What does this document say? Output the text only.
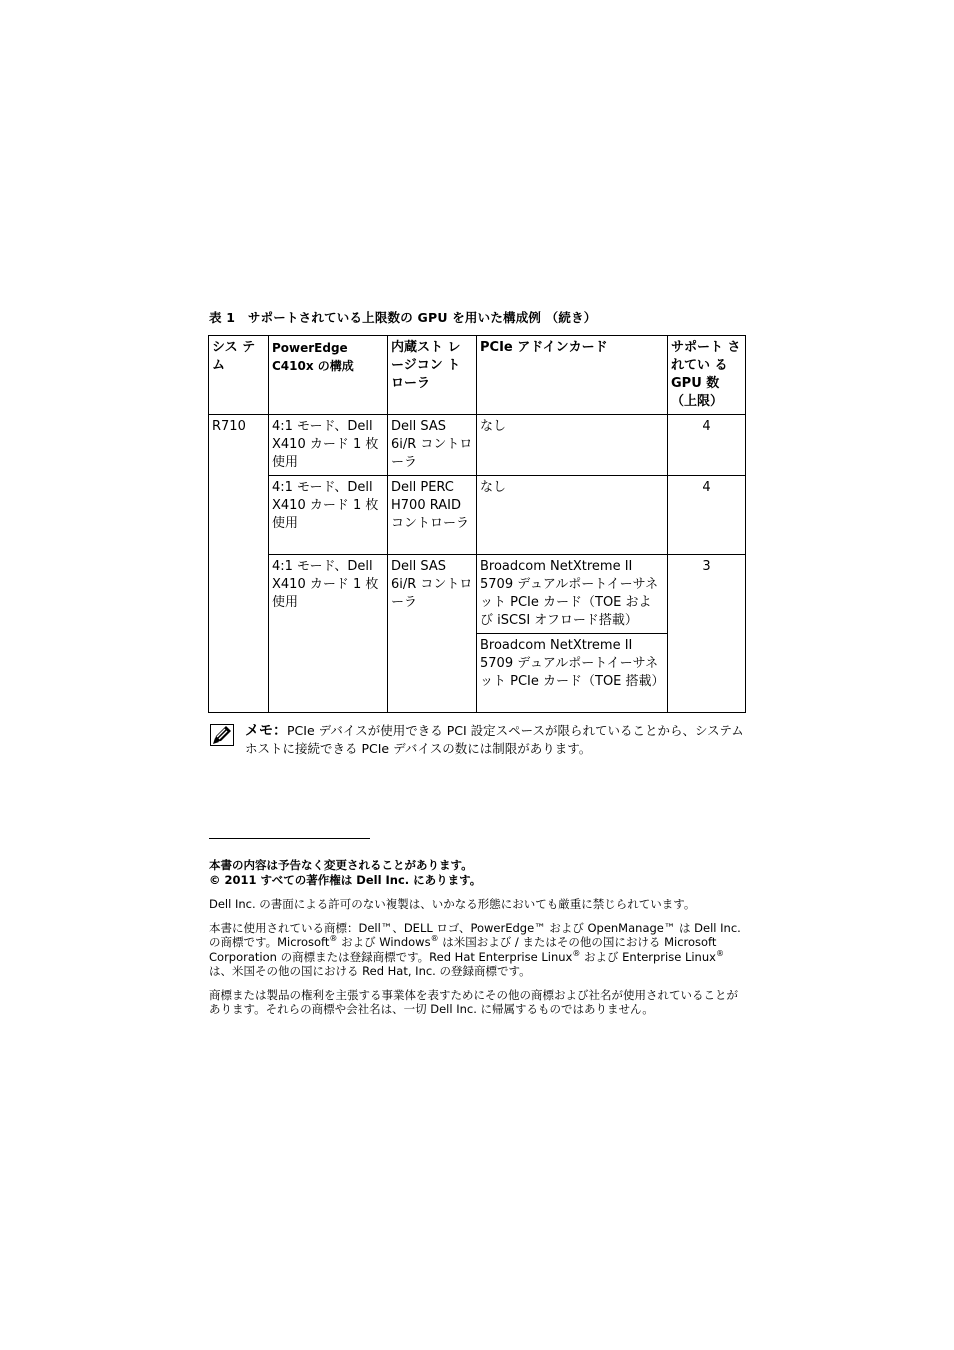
表 1　サポートされている上限数の GPU を用いた構成例 （続き）
シス テム	PowerEdge C410x の構成	内蔵スト レージコン トローラ	PCIe アドインカード	サポート されてい る GPU 数 （上限）
R710	4:1 モード、Dell X410 カード 1 枚使用	Dell SAS 6i/R コントローラ	なし	4
	4:1 モード、Dell X410 カード 1 枚使用	Dell PERC H700 RAID コントローラ	なし	4
	4:1 モード、Dell X410 カード 1 枚使用	Dell SAS 6i/R コントローラ	Broadcom NetXtreme II 5709 デュアルポートイーサネット PCIe カード（TOE および iSCSI オフロード搭載）	3
			Broadcom NetXtreme II 5709 デュアルポートイーサネット PCIe カード（TOE 搭載）	
メモ：PCIe デバイスが使用できる PCI 設定スペースが限られていることから、システムホストに接続できる PCIe デバイスの数には制限があります。

本書の内容は予告なく変更されることがあります。

© 2011 すべての著作権は Dell Inc. にあります。

Dell Inc. の書面による許可のない複製は、いかなる形態においても厳重に禁じられています。

本書に使用されている商標：Dell™、DELL ロゴ、PowerEdge™ および OpenManage™ は Dell Inc. の商標です。Microsoft® および Windows® は米国および / またはその他の国における Microsoft Corporation の商標または登録商標です。Red Hat Enterprise Linux® および Enterprise Linux® は、米国その他の国における Red Hat, Inc. の登録商標です。

商標または製品の権利を主張する事業体を表すためにその他の商標および社名が使用されていることがあります。それらの商標や会社名は、一切 Dell Inc. に帰属するものではありません。
